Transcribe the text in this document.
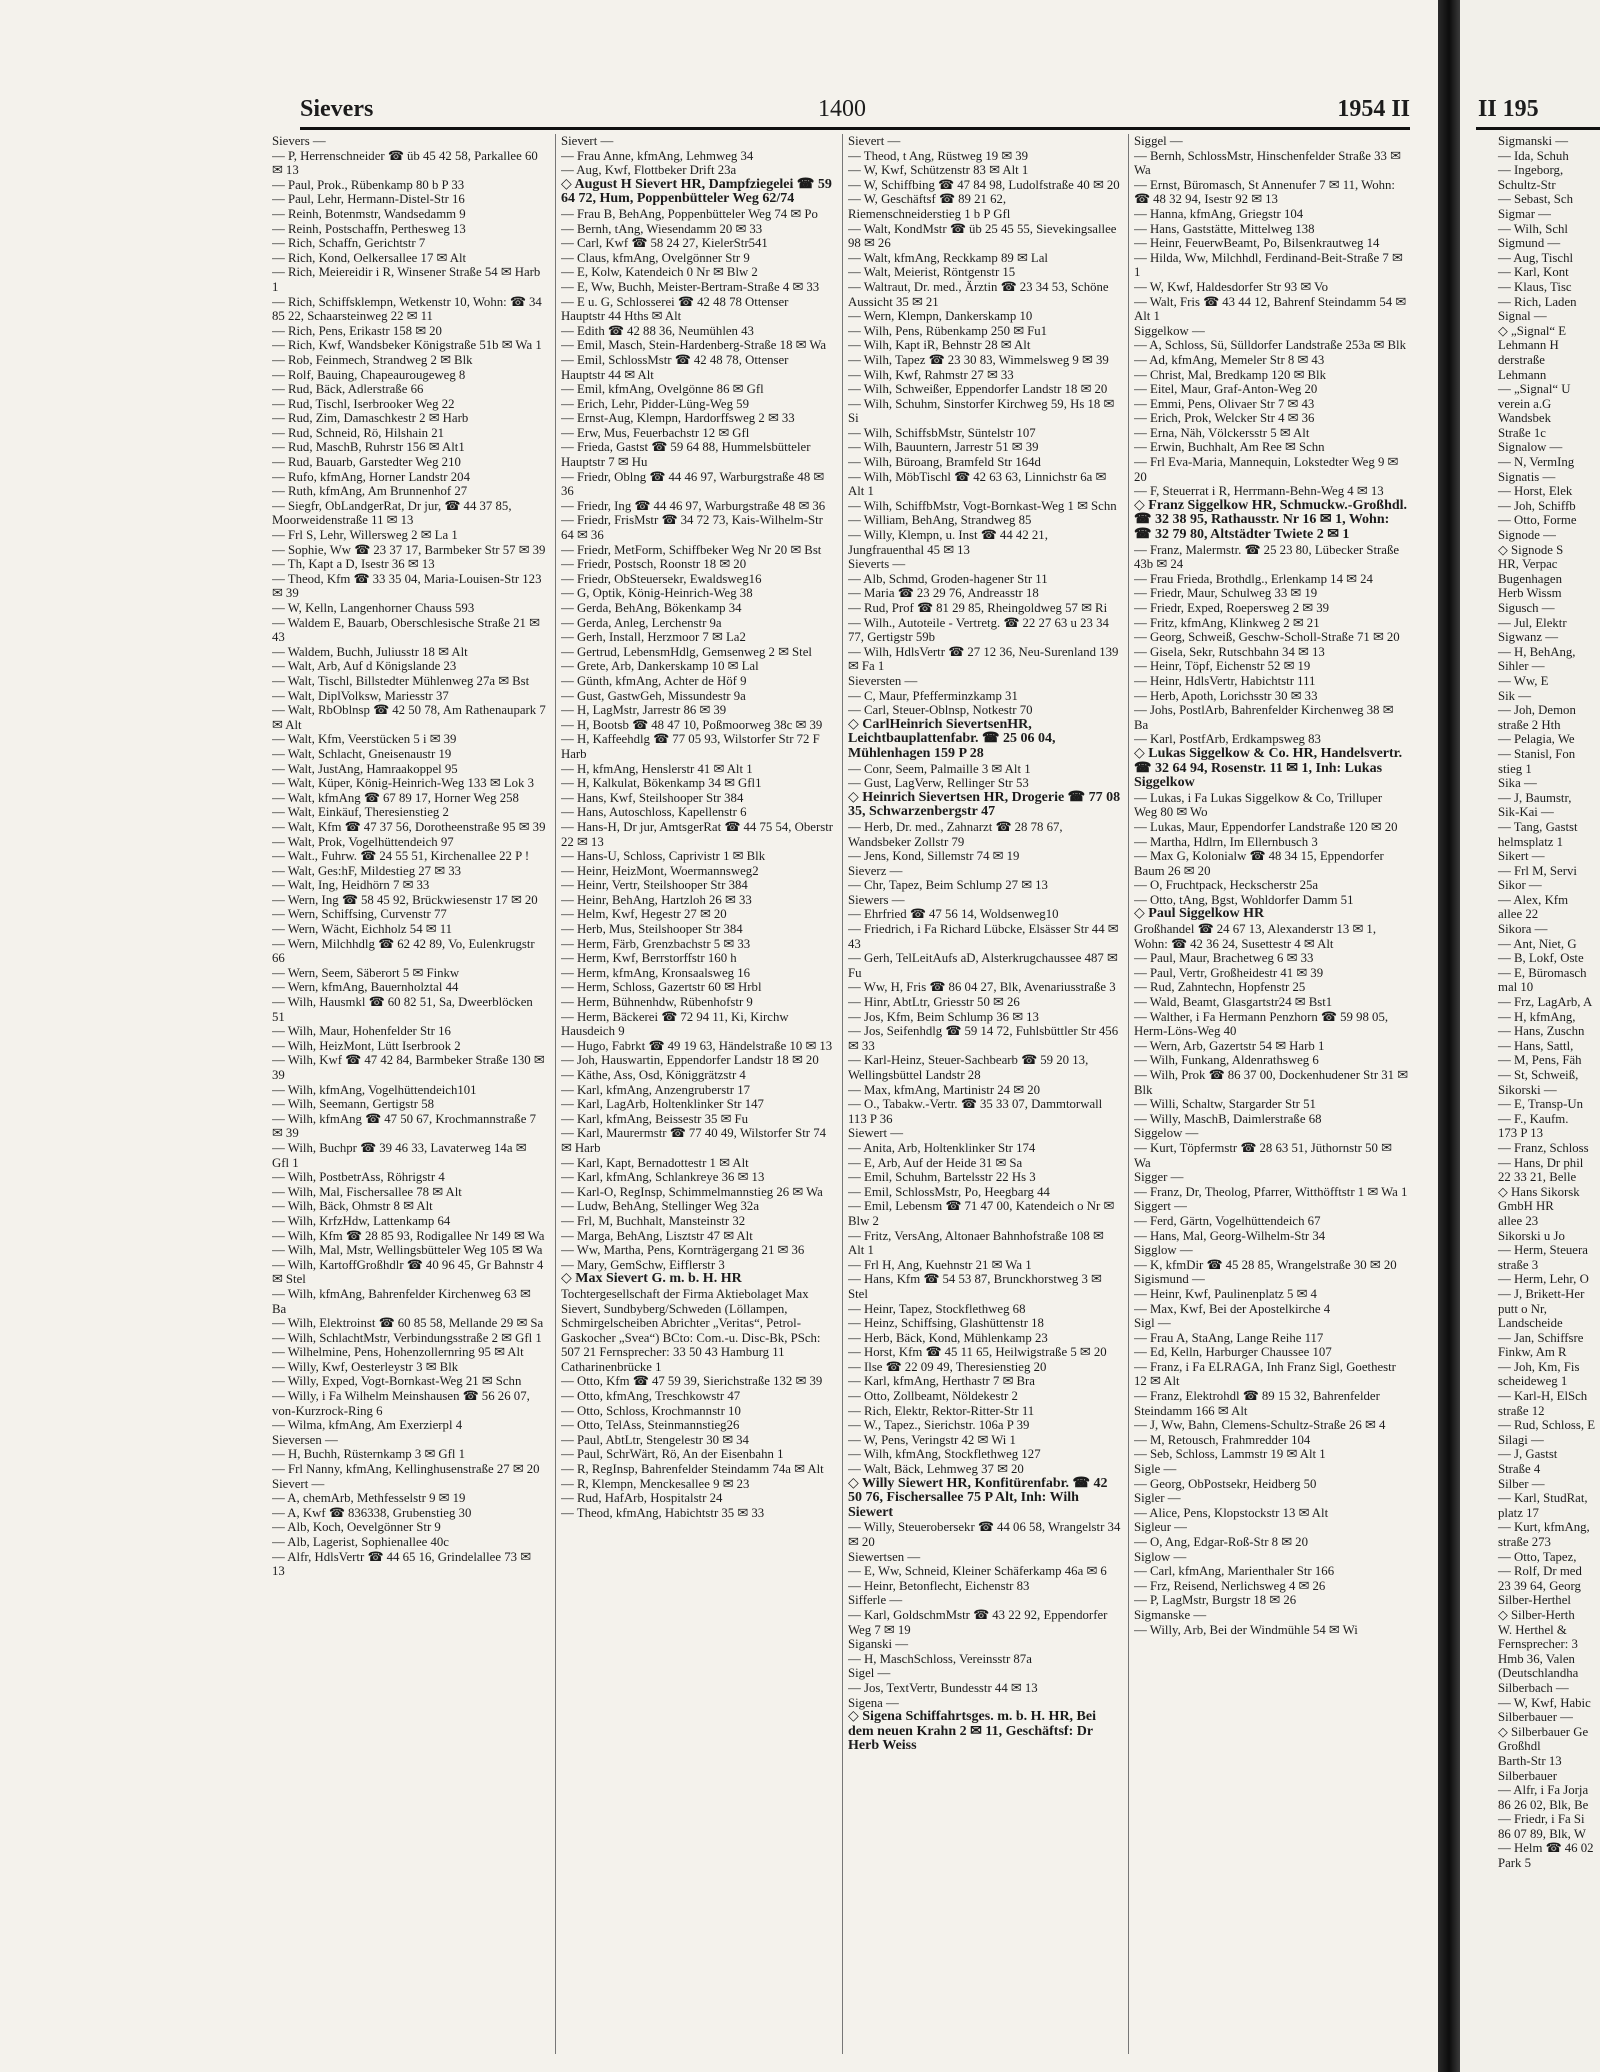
Sievers	1400	1954 II
Sievers —
— P, Herrenschneider ☎ üb 45 42 58, Parkallee 60 ✉ 13
— Paul, Prok., Rübenkamp 80 b P 33
— Paul, Lehr, Hermann-Distel-Str 16
— Reinh, Botenmstr, Wandsedamm 9
— Reinh, Postschaffn, Perthesweg 13
— Rich, Schaffn, Gerichtstr 7
— Rich, Kond, Oelkersallee 17 ✉ Alt
— Rich, Meiereidir i R, Winsener Straße 54 ✉ Harb 1
— Rich, Schiffsklempn, Wetkenstr 10, Wohn: ☎ 34 85 22, Schaarsteinweg 22 ✉ 11
— Rich, Pens, Erikastr 158 ✉ 20
— Rich, Kwf, Wandsbeker Königstraße 51b ✉ Wa 1
— Rob, Feinmech, Strandweg 2 ✉ Blk
— Rolf, Bauing, Chapeaurougeweg 8
— Rud, Bäck, Adlerstraße 66
— Rud, Tischl, Iserbrooker Weg 22
— Rud, Zim, Damaschkestr 2 ✉ Harb
— Rud, Schneid, Rö, Hilshain 21
— Rud, MaschB, Ruhrstr 156 ✉ Alt1
— Rud, Bauarb, Garstedter Weg 210
— Rufo, kfmAng, Horner Landstr 204
— Ruth, kfmAng, Am Brunnenhof 27
— Siegfr, ObLandgerRat, Dr jur, ☎ 44 37 85, Moorweidenstraße 11 ✉ 13
— Frl S, Lehr, Willersweg 2 ✉ La 1
— Sophie, Ww ☎ 23 37 17, Barmbeker Str 57 ✉ 39
— Th, Kapt a D, Isestr 36 ✉ 13
— Theod, Kfm ☎ 33 35 04, Maria-Louisen-Str 123 ✉ 39
— W, Kelln, Langenhorner Chauss 593
— Waldem E, Bauarb, Oberschlesische Straße 21 ✉ 43
— Waldem, Buchh, Juliusstr 18 ✉ Alt
— Walt, Arb, Auf d Königslande 23
— Walt, Tischl, Billstedter Mühlenweg 27a ✉ Bst
— Walt, DiplVolksw, Mariesstr 37
— Walt, RbOblnsp ☎ 42 50 78, Am Rathenaupark 7 ✉ Alt
— Walt, Kfm, Veerstücken 5 i ✉ 39
— Walt, Schlacht, Gneisenaustr 19
— Walt, JustAng, Hamraakoppel 95
— Walt, Küper, König-Heinrich-Weg 133 ✉ Lok 3
— Walt, kfmAng ☎ 67 89 17, Horner Weg 258
— Walt, Einkäuf, Theresienstieg 2
— Walt, Kfm ☎ 47 37 56, Dorotheenstraße 95 ✉ 39
— Walt, Prok, Vogelhüttendeich 97
— Walt., Fuhrw. ☎ 24 55 51, Kirchenallee 22 P !
— Walt, Ges:hF, Mildestieg 27 ✉ 33
— Walt, Ing, Heidhörn 7 ✉ 33
— Wern, Ing ☎ 58 45 92, Brückwiesenstr 17 ✉ 20
— Wern, Schiffsing, Curvenstr 77
— Wern, Wächt, Eichholz 54 ✉ 11
— Wern, Milchhdlg ☎ 62 42 89, Vo, Eulenkrugstr 66
— Wern, Seem, Säberort 5 ✉ Finkw
— Wern, kfmAng, Bauernholztal 44
— Wilh, Hausmkl ☎ 60 82 51, Sa, Dweerblöcken 51
— Wilh, Maur, Hohenfelder Str 16
— Wilh, HeizMont, Lütt Iserbrook 2
— Wilh, Kwf ☎ 47 42 84, Barmbeker Straße 130 ✉ 39
— Wilh, kfmAng, Vogelhüttendeich101
— Wilh, Seemann, Gertigstr 58
— Wilh, kfmAng ☎ 47 50 67, Krochmannstraße 7 ✉ 39
— Wilh, Buchpr ☎ 39 46 33, Lavaterweg 14a ✉ Gfl 1
— Wilh, PostbetrAss, Röhrigstr 4
— Wilh, Mal, Fischersallee 78 ✉ Alt
— Wilh, Bäck, Ohmstr 8 ✉ Alt
— Wilh, KrfzHdw, Lattenkamp 64
— Wilh, Kfm ☎ 28 85 93, Rodigallee Nr 149 ✉ Wa
— Wilh, Mal, Mstr, Wellingsbütteler Weg 105 ✉ Wa
— Wilh, KartoffGroßhdlr ☎ 40 96 45, Gr Bahnstr 4 ✉ Stel
— Wilh, kfmAng, Bahrenfelder Kirchenweg 63 ✉ Ba
— Wilh, Elektroinst ☎ 60 85 58, Mellande 29 ✉ Sa
— Wilh, SchlachtMstr, Verbindungsstraße 2 ✉ Gfl 1
— Wilhelmine, Pens, Hohenzollernring 95 ✉ Alt
— Willy, Kwf, Oesterleystr 3 ✉ Blk
— Willy, Exped, Vogt-Bornkast-Weg 21 ✉ Schn
— Willy, i Fa Wilhelm Meinshausen ☎ 56 26 07, von-Kurzrock-Ring 6
— Wilma, kfmAng, Am Exerzierpl 4
Sieversen —
— H, Buchh, Rüsternkamp 3 ✉ Gfl 1
— Frl Nanny, kfmAng, Kellinghusenstraße 27 ✉ 20
Sievert —
— A, chemArb, Methfesselstr 9 ✉ 19
— A, Kwf ☎ 836338, Grubenstieg 30
— Alb, Koch, Oevelgönner Str 9
— Alb, Lagerist, Sophienallee 40c
— Alfr, HdlsVertr ☎ 44 65 16, Grindelallee 73 ✉ 13
Sievert —
— Frau Anne, kfmAng, Lehmweg 34
— Aug, Kwf, Flottbeker Drift 23a
◇ August H Sievert HR, Dampfziegelei ☎ 59 64 72, Hum, Poppenbütteler Weg 62/74
— Frau B, BehAng, Poppenbütteler Weg 74 ✉ Po
— Bernh, tAng, Wiesendamm 20 ✉ 33
— Carl, Kwf ☎ 58 24 27, KielerStr541
— Claus, kfmAng, Ovelgönner Str 9
— E, Kolw, Katendeich 0 Nr ✉ Blw 2
— E, Ww, Buchh, Meister-Bertram-Straße 4 ✉ 33
— E u. G, Schlosserei ☎ 42 48 78 Ottenser Hauptstr 44 Hths ✉ Alt
— Edith ☎ 42 88 36, Neumühlen 43
— Emil, Masch, Stein-Hardenberg-Straße 18 ✉ Wa
— Emil, SchlossMstr ☎ 42 48 78, Ottenser Hauptstr 44 ✉ Alt
— Emil, kfmAng, Ovelgönne 86 ✉ Gfl
— Erich, Lehr, Pidder-Lüng-Weg 59
— Ernst-Aug, Klempn, Hardorffsweg 2 ✉ 33
— Erw, Mus, Feuerbachstr 12 ✉ Gfl
— Frieda, Gastst ☎ 59 64 88, Hummelsbütteler Hauptstr 7 ✉ Hu
— Friedr, Oblng ☎ 44 46 97, Warburgstraße 48 ✉ 36
— Friedr, Ing ☎ 44 46 97, Warburgstraße 48 ✉ 36
— Friedr, FrisMstr ☎ 34 72 73, Kais-Wilhelm-Str 64 ✉ 36
— Friedr, MetForm, Schiffbeker Weg Nr 20 ✉ Bst
— Friedr, Postsch, Roonstr 18 ✉ 20
— Friedr, ObSteuersekr, Ewaldsweg16
— G, Optik, König-Heinrich-Weg 38
— Gerda, BehAng, Bökenkamp 34
— Gerda, Anleg, Lerchenstr 9a
— Gerh, Install, Herzmoor 7 ✉ La2
— Gertrud, LebensmHdlg, Gemsenweg 2 ✉ Stel
— Grete, Arb, Dankerskamp 10 ✉ Lal
— Günth, kfmAng, Achter de Höf 9
— Gust, GastwGeh, Missundestr 9a
— H, LagMstr, Jarrestr 86 ✉ 39
— H, Bootsb ☎ 48 47 10, Poßmoorweg 38c ✉ 39
— H, Kaffeehdlg ☎ 77 05 93, Wilstorfer Str 72 F Harb
— H, kfmAng, Henslerstr 41 ✉ Alt 1
— H, Kalkulat, Bökenkamp 34 ✉ Gfl1
— Hans, Kwf, Steilshooper Str 384
— Hans, Autoschloss, Kapellenstr 6
— Hans-H, Dr jur, AmtsgerRat ☎ 44 75 54, Oberstr 22 ✉ 13
— Hans-U, Schloss, Caprivistr 1 ✉ Blk
— Heinr, HeizMont, Woermannsweg2
— Heinr, Vertr, Steilshooper Str 384
— Heinr, BehAng, Hartzloh 26 ✉ 33
— Helm, Kwf, Hegestr 27 ✉ 20
— Herb, Mus, Steilshooper Str 384
— Herm, Färb, Grenzbachstr 5 ✉ 33
— Herm, Kwf, Berrstorffstr 160 h
— Herm, kfmAng, Kronsaalsweg 16
— Herm, Schloss, Gazertstr 60 ✉ Hrbl
— Herm, Bühnenhdw, Rübenhofstr 9
— Herm, Bäckerei ☎ 72 94 11, Ki, Kirchw Hausdeich 9
— Hugo, Fabrkt ☎ 49 19 63, Händelstraße 10 ✉ 13
— Joh, Hauswartin, Eppendorfer Landstr 18 ✉ 20
— Käthe, Ass, Osd, Königgrätzstr 4
— Karl, kfmAng, Anzengruberstr 17
— Karl, LagArb, Holtenklinker Str 147
— Karl, kfmAng, Beissestr 35 ✉ Fu
— Karl, Maurermstr ☎ 77 40 49, Wilstorfer Str 74 ✉ Harb
— Karl, Kapt, Bernadottestr 1 ✉ Alt
— Karl, kfmAng, Schlankreye 36 ✉ 13
— Karl-O, RegInsp, Schimmelmannstieg 26 ✉ Wa
— Ludw, BehAng, Stellinger Weg 32a
— Frl, M, Buchhalt, Mansteinstr 32
— Marga, BehAng, Lisztstr 47 ✉ Alt
— Ww, Martha, Pens, Kornträgergang 21 ✉ 36
— Mary, GemSchw, Eifflerstr 3
◇ Max Sievert G. m. b. H. HR
Tochtergesellschaft der Firma Aktiebolaget Max Sievert, Sundbyberg/Schweden (Löllampen, Schmirgelscheiben Abrichter „Veritas“, Petrol-Gaskocher „Svea“) BCto: Com.-u. Disc-Bk, PSch: 507 21 Fernsprecher: 33 50 43 Hamburg 11 Catharinenbrücke 1
— Otto, Kfm ☎ 47 59 39, Sierichstraße 132 ✉ 39
— Otto, kfmAng, Treschkowstr 47
— Otto, Schloss, Krochmannstr 10
— Otto, TelAss, Steinmannstieg26
— Paul, AbtLtr, Stengelestr 30 ✉ 34
— Paul, SchrWärt, Rö, An der Eisenbahn 1
— R, RegInsp, Bahrenfelder Steindamm 74a ✉ Alt
— R, Klempn, Menckesallee 9 ✉ 23
— Rud, HafArb, Hospitalstr 24
— Theod, kfmAng, Habichtstr 35 ✉ 33
Sievert —
— Theod, t Ang, Rüstweg 19 ✉ 39
— W, Kwf, Schützenstr 83 ✉ Alt 1
— W, Schiffbing ☎ 47 84 98, Ludolfstraße 40 ✉ 20
— W, Geschäftsf ☎ 89 21 62, Riemenschneiderstieg 1 b P Gfl
— Walt, KondMstr ☎ üb 25 45 55, Sievekingsallee 98 ✉ 26
— Walt, kfmAng, Reckkamp 89 ✉ Lal
— Walt, Meierist, Röntgenstr 15
— Waltraut, Dr. med., Ärztin ☎ 23 34 53, Schöne Aussicht 35 ✉ 21
— Wern, Klempn, Dankerskamp 10
— Wilh, Pens, Rübenkamp 250 ✉ Fu1
— Wilh, Kapt iR, Behnstr 28 ✉ Alt
— Wilh, Tapez ☎ 23 30 83, Wimmelsweg 9 ✉ 39
— Wilh, Kwf, Rahmstr 27 ✉ 33
— Wilh, Schweißer, Eppendorfer Landstr 18 ✉ 20
— Wilh, Schuhm, Sinstorfer Kirchweg 59, Hs 18 ✉ Si
— Wilh, SchiffsbMstr, Süntelstr 107
— Wilh, Bauuntern, Jarrestr 51 ✉ 39
— Wilh, Büroang, Bramfeld Str 164d
— Wilh, MöbTischl ☎ 42 63 63, Linnichstr 6a ✉ Alt 1
— Wilh, SchiffbMstr, Vogt-Bornkast-Weg 1 ✉ Schn
— William, BehAng, Strandweg 85
— Willy, Klempn, u. Inst ☎ 44 42 21, Jungfrauenthal 45 ✉ 13
Sieverts —
— Alb, Schmd, Groden-hagener Str 11
— Maria ☎ 23 29 76, Andreasstr 18
— Rud, Prof ☎ 81 29 85, Rheingoldweg 57 ✉ Ri
— Wilh., Autoteile - Vertretg. ☎ 22 27 63 u 23 34 77, Gertigstr 59b
— Wilh, HdlsVertr ☎ 27 12 36, Neu-Surenland 139 ✉ Fa 1
Sieversten —
— C, Maur, Pfefferminzkamp 31
— Carl, Steuer-Oblnsp, Notkestr 70
◇ CarlHeinrich SievertsenHR, Leichtbauplattenfabr. ☎ 25 06 04, Mühlenhagen 159 P 28
— Conr, Seem, Palmaille 3 ✉ Alt 1
— Gust, LagVerw, Rellinger Str 53
◇ Heinrich Sievertsen HR, Drogerie ☎ 77 08 35, Schwarzenbergstr 47
— Herb, Dr. med., Zahnarzt ☎ 28 78 67, Wandsbeker Zollstr 79
— Jens, Kond, Sillemstr 74 ✉ 19
Sieverz —
— Chr, Tapez, Beim Schlump 27 ✉ 13
Siewers —
— Ehrfried ☎ 47 56 14, Woldsenweg10
— Friedrich, i Fa Richard Lübcke, Elsässer Str 44 ✉ 43
— Gerh, TelLeitAufs aD, Alsterkrugchaussee 487 ✉ Fu
— Ww, H, Fris ☎ 86 04 27, Blk, Avenariusstraße 3
— Hinr, AbtLtr, Griesstr 50 ✉ 26
— Jos, Kfm, Beim Schlump 36 ✉ 13
— Jos, Seifenhdlg ☎ 59 14 72, Fuhlsbüttler Str 456 ✉ 33
— Karl-Heinz, Steuer-Sachbearb ☎ 59 20 13, Wellingsbüttel Landstr 28
— Max, kfmAng, Martinistr 24 ✉ 20
— O., Tabakw.-Vertr. ☎ 35 33 07, Dammtorwall 113 P 36
Siewert —
— Anita, Arb, Holtenklinker Str 174
— E, Arb, Auf der Heide 31 ✉ Sa
— Emil, Schuhm, Bartelsstr 22 Hs 3
— Emil, SchlossMstr, Po, Heegbarg 44
— Emil, Lebensm ☎ 71 47 00, Katendeich o Nr ✉ Blw 2
— Fritz, VersAng, Altonaer Bahnhofstraße 108 ✉ Alt 1
— Frl H, Ang, Kuehnstr 21 ✉ Wa 1
— Hans, Kfm ☎ 54 53 87, Brunckhorstweg 3 ✉ Stel
— Heinr, Tapez, Stockflethweg 68
— Heinz, Schiffsing, Glashüttenstr 18
— Herb, Bäck, Kond, Mühlenkamp 23
— Horst, Kfm ☎ 45 11 65, Heilwigstraße 5 ✉ 20
— Ilse ☎ 22 09 49, Theresienstieg 20
— Karl, kfmAng, Herthastr 7 ✉ Bra
— Otto, Zollbeamt, Nöldekestr 2
— Rich, Elektr, Rektor-Ritter-Str 11
— W., Tapez., Sierichstr. 106a P 39
— W, Pens, Veringstr 42 ✉ Wi 1
— Wilh, kfmAng, Stockflethweg 127
— Walt, Bäck, Lehmweg 37 ✉ 20
◇ Willy Siewert HR, Konfitürenfabr. ☎ 42 50 76, Fischersallee 75 P Alt, Inh: Wilh Siewert
— Willy, Steuerobersekr ☎ 44 06 58, Wrangelstr 34 ✉ 20
Siewertsen —
— E, Ww, Schneid, Kleiner Schäferkamp 46a ✉ 6
— Heinr, Betonflecht, Eichenstr 83
Sifferle —
— Karl, GoldschmMstr ☎ 43 22 92, Eppendorfer Weg 7 ✉ 19
Siganski —
— H, MaschSchloss, Vereinsstr 87a
Sigel —
— Jos, TextVertr, Bundesstr 44 ✉ 13
Sigena —
◇ Sigena Schiffahrtsges. m. b. H. HR, Bei dem neuen Krahn 2 ✉ 11, Geschäftsf: Dr Herb Weiss
Siggel —
— Bernh, SchlossMstr, Hinschenfelder Straße 33 ✉ Wa
— Ernst, Büromasch, St Annenufer 7 ✉ 11, Wohn: ☎ 48 32 94, Isestr 92 ✉ 13
— Hanna, kfmAng, Griegstr 104
— Hans, Gaststätte, Mittelweg 138
— Heinr, FeuerwBeamt, Po, Bilsenkrautweg 14
— Hilda, Ww, Milchhdl, Ferdinand-Beit-Straße 7 ✉ 1
— W, Kwf, Haldesdorfer Str 93 ✉ Vo
— Walt, Fris ☎ 43 44 12, Bahrenf Steindamm 54 ✉ Alt 1
Siggelkow —
— A, Schloss, Sü, Sülldorfer Landstraße 253a ✉ Blk
— Ad, kfmAng, Memeler Str 8 ✉ 43
— Christ, Mal, Bredkamp 120 ✉ Blk
— Eitel, Maur, Graf-Anton-Weg 20
— Emmi, Pens, Olivaer Str 7 ✉ 43
— Erich, Prok, Welcker Str 4 ✉ 36
— Erna, Näh, Völckersstr 5 ✉ Alt
— Erwin, Buchhalt, Am Ree ✉ Schn
— Frl Eva-Maria, Mannequin, Lokstedter Weg 9 ✉ 20
— F, Steuerrat i R, Herrmann-Behn-Weg 4 ✉ 13
◇ Franz Siggelkow HR, Schmuckw.-Großhdl. ☎ 32 38 95, Rathausstr. Nr 16 ✉ 1, Wohn: ☎ 32 79 80, Altstädter Twiete 2 ✉ 1
— Franz, Malermstr. ☎ 25 23 80, Lübecker Straße 43b ✉ 24
— Frau Frieda, Brothdlg., Erlenkamp 14 ✉ 24
— Friedr, Maur, Schulweg 33 ✉ 19
— Friedr, Exped, Roepersweg 2 ✉ 39
— Fritz, kfmAng, Klinkweg 2 ✉ 21
— Georg, Schweiß, Geschw-Scholl-Straße 71 ✉ 20
— Gisela, Sekr, Rutschbahn 34 ✉ 13
— Heinr, Töpf, Eichenstr 52 ✉ 19
— Heinr, HdlsVertr, Habichtstr 111
— Herb, Apoth, Lorichsstr 30 ✉ 33
— Johs, PostlArb, Bahrenfelder Kirchenweg 38 ✉ Ba
— Karl, PostfArb, Erdkampsweg 83
◇ Lukas Siggelkow & Co. HR, Handelsvertr. ☎ 32 64 94, Rosenstr. 11 ✉ 1, Inh: Lukas Siggelkow
— Lukas, i Fa Lukas Siggelkow & Co, Trilluper Weg 80 ✉ Wo
— Lukas, Maur, Eppendorfer Landstraße 120 ✉ 20
— Martha, Hdlrn, Im Ellernbusch 3
— Max G, Kolonialw ☎ 48 34 15, Eppendorfer Baum 26 ✉ 20
— O, Fruchtpack, Heckscherstr 25a
— Otto, tAng, Bgst, Wohldorfer Damm 51
◇ Paul Siggelkow HR
Großhandel ☎ 24 67 13, Alexanderstr 13 ✉ 1, Wohn: ☎ 42 36 24, Susettestr 4 ✉ Alt
— Paul, Maur, Brachetweg 6 ✉ 33
— Paul, Vertr, Großheidestr 41 ✉ 39
— Rud, Zahntechn, Hopfenstr 25
— Wald, Beamt, Glasgartstr24 ✉ Bst1
— Walther, i Fa Hermann Penzhorn ☎ 59 98 05, Herm-Löns-Weg 40
— Wern, Arb, Gazertstr 54 ✉ Harb 1
— Wilh, Funkang, Aldenrathsweg 6
— Wilh, Prok ☎ 86 37 00, Dockenhudener Str 31 ✉ Blk
— Willi, Schaltw, Stargarder Str 51
— Willy, MaschB, Daimlerstraße 68
Siggelow —
— Kurt, Töpfermstr ☎ 28 63 51, Jüthornstr 50 ✉ Wa
Sigger —
— Franz, Dr, Theolog, Pfarrer, Witthöfftstr 1 ✉ Wa 1
Siggert —
— Ferd, Gärtn, Vogelhüttendeich 67
— Hans, Mal, Georg-Wilhelm-Str 34
Sigglow —
— K, kfmDir ☎ 45 28 85, Wrangelstraße 30 ✉ 20
Sigismund —
— Heinr, Kwf, Paulinenplatz 5 ✉ 4
— Max, Kwf, Bei der Apostelkirche 4
Sigl —
— Frau A, StaAng, Lange Reihe 117
— Ed, Kelln, Harburger Chaussee 107
— Franz, i Fa ELRAGA, Inh Franz Sigl, Goethestr 12 ✉ Alt
— Franz, Elektrohdl ☎ 89 15 32, Bahrenfelder Steindamm 166 ✉ Alt
— J, Ww, Bahn, Clemens-Schultz-Straße 26 ✉ 4
— M, Retousch, Frahmredder 104
— Seb, Schloss, Lammstr 19 ✉ Alt 1
Sigle —
— Georg, ObPostsekr, Heidberg 50
Sigler —
— Alice, Pens, Klopstockstr 13 ✉ Alt
Sigleur —
— O, Ang, Edgar-Roß-Str 8 ✉ 20
Siglow —
— Carl, kfmAng, Marienthaler Str 166
— Frz, Reisend, Nerlichsweg 4 ✉ 26
— P, LagMstr, Burgstr 18 ✉ 26
Sigmanske —
— Willy, Arb, Bei der Windmühle 54 ✉ Wi
II 195
Sigmanski —
— Ida, Schuh
— Ingeborg,
Schultz-Str
— Sebast, Sch
Sigmar —
— Wilh, Schl
Sigmund —
— Aug, Tischl
— Karl, Kont
— Klaus, Tisc
— Rich, Laden
Signal —
◇ „Signal“ E
Lehmann H
derstraße
Lehmann
— „Signal“ U
verein a.G
Wandsbek
Straße 1c
Signalow —
— N, VermIng
Signatis —
— Horst, Elek
— Joh, Schiffb
— Otto, Forme
Signode —
◇ Signode S
HR, Verpac
Bugenhagen
Herb Wissm
Sigusch —
— Jul, Elektr
Sigwanz —
— H, BehAng,
Sihler —
— Ww, E
Sik —
— Joh, Demon
straße 2 Hth
— Pelagia, We
— Stanisl, Fon
stieg 1
Sika —
— J, Baumstr,
Sik-Kai —
— Tang, Gastst
helmsplatz 1
Sikert —
— Frl M, Servi
Sikor —
— Alex, Kfm
allee 22
Sikora —
— Ant, Niet, G
— B, Lokf, Oste
— E, Büromasch
mal 10
— Frz, LagArb, A
— H, kfmAng,
— Hans, Zuschn
— Hans, Sattl,
— M, Pens, Fäh
— St, Schweiß,
Sikorski —
— E, Transp-Un
— F., Kaufm.
173 P 13
— Franz, Schloss
— Hans, Dr phil
22 33 21, Belle
◇ Hans Sikorsk
GmbH HR
allee 23
Sikorski u Jo
— Herm, Steuera
straße 3
— Herm, Lehr, O
— J, Brikett-Her
putt o Nr,
Landscheide
— Jan, Schiffsre
Finkw, Am R
— Joh, Km, Fis
scheideweg 1
— Karl-H, ElSch
straße 12
— Rud, Schloss, E
Silagi —
— J, Gastst
Straße 4
Silber —
— Karl, StudRat,
platz 17
— Kurt, kfmAng,
straße 273
— Otto, Tapez,
— Rolf, Dr med
23 39 64, Georg
Silber-Herthel
◇ Silber-Herth
W. Herthel &
Fernsprecher: 3
Hmb 36, Valen
(Deutschlandha
Silberbach —
— W, Kwf, Habic
Silberbauer —
◇ Silberbauer Ge
Großhdl
Barth-Str 13
Silberbauer
— Alfr, i Fa Jorja
86 26 02, Blk, Be
— Friedr, i Fa Si
86 07 89, Blk, W
— Helm ☎ 46 02
Park 5
